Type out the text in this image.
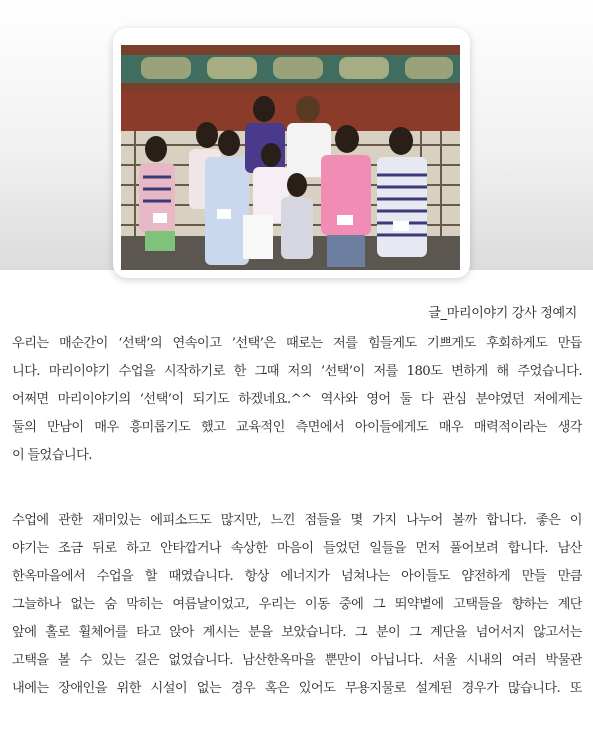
글_마리이야기 강사 정예지
우리는 매순간이 ‘선택’의 연속이고 ’선택’은 때로는 저를 힘들게도 기쁘게도 후회하게도 만듭
니다. 마리이야기 수업을 시작하기로 한 그때 저의 ’선택’이 저를 180도 변하게 해 주었습니다.
어쩌면 마리이야기의 ‘선택’이 되기도 하겠네요.^^ 역사와 영어 둘 다 관심 분야였던 저에게는
둘의 만남이 매우 흥미롭기도 했고 교육적인 측면에서 아이들에게도 매우 매력적이라는 생각
이 들었습니다.
수업에 관한 재미있는 에피소드도 많지만, 느낀 점들을 몇 가지 나누어 볼까 합니다. 좋은 이
야기는 조금 뒤로 하고 안타깝거나 속상한 마음이 들었던 일들을 먼저 풀어보려 합니다. 남산
한옥마을에서 수업을 할 때였습니다. 항상 에너지가 넘쳐나는 아이들도 얌전하게 만들 만큼
그늘하나 없는 숨 막히는 여름날이었고, 우리는 이동 중에 그 뙤약볕에 고택들을 향하는 계단
앞에 홀로 휠체어를 타고 앉아 계시는 분을 보았습니다. 그 분이 그 계단을 넘어서지 않고서는
고택을 볼 수 있는 길은 없었습니다. 남산한옥마을 뿐만이 아닙니다. 서울 시내의 여러 박물관
내에는 장애인을 위한 시설이 없는 경우 혹은 있어도 무용지물로 설계된 경우가 많습니다. 또
